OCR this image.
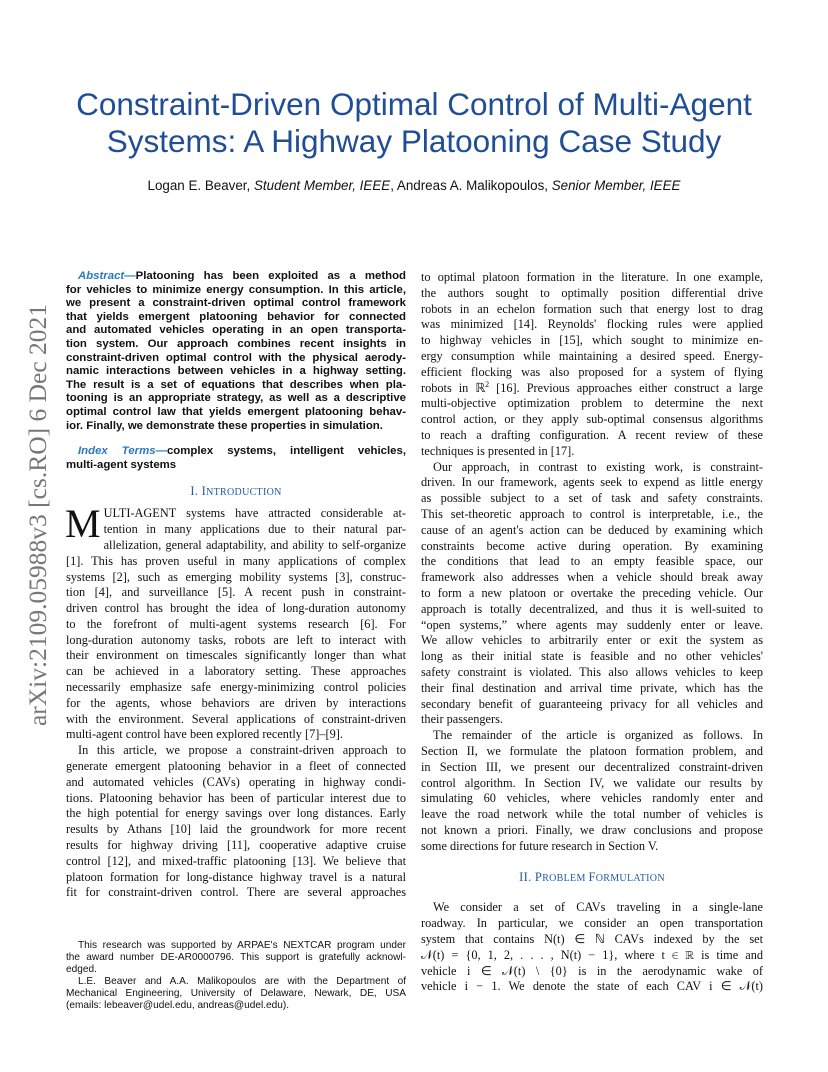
arXiv:2109.05988v3 [cs.RO] 6 Dec 2021
Constraint-Driven Optimal Control of Multi-Agent
Systems: A Highway Platooning Case Study
Logan E. Beaver, Student Member, IEEE, Andreas A. Malikopoulos, Senior Member, IEEE
Abstract—Platooning has been exploited as a method
for vehicles to minimize energy consumption. In this article,
we present a constraint-driven optimal control framework
that yields emergent platooning behavior for connected
and automated vehicles operating in an open transporta-
tion system. Our approach combines recent insights in
constraint-driven optimal control with the physical aerody-
namic interactions between vehicles in a highway setting.
The result is a set of equations that describes when pla-
tooning is an appropriate strategy, as well as a descriptive
optimal control law that yields emergent platooning behav-
ior. Finally, we demonstrate these properties in simulation.
Index Terms—complex systems, intelligent vehicles,
multi-agent systems
I. INTRODUCTION
M ULTI-AGENT systems have attracted considerable at-
tention in many applications due to their natural par-
allelization, general adaptability, and ability to self-organize
[1]. This has proven useful in many applications of complex
systems [2], such as emerging mobility systems [3], construc-
tion [4], and surveillance [5]. A recent push in constraint-
driven control has brought the idea of long-duration autonomy
to the forefront of multi-agent systems research [6]. For
long-duration autonomy tasks, robots are left to interact with
their environment on timescales significantly longer than what
can be achieved in a laboratory setting. These approaches
necessarily emphasize safe energy-minimizing control policies
for the agents, whose behaviors are driven by interactions
with the environment. Several applications of constraint-driven
multi-agent control have been explored recently [7]–[9].
In this article, we propose a constraint-driven approach to
generate emergent platooning behavior in a fleet of connected
and automated vehicles (CAVs) operating in highway condi-
tions. Platooning behavior has been of particular interest due to
the high potential for energy savings over long distances. Early
results by Athans [10] laid the groundwork for more recent
results for highway driving [11], cooperative adaptive cruise
control [12], and mixed-traffic platooning [13]. We believe that
platoon formation for long-distance highway travel is a natural
fit for constraint-driven control. There are several approaches
This research was supported by ARPAE's NEXTCAR program under
the award number DE-AR0000796. This support is gratefully acknowl-
edged.
L.E. Beaver and A.A. Malikopoulos are with the Department of
Mechanical Engineering, University of Delaware, Newark, DE, USA
(emails: lebeaver@udel.edu, andreas@udel.edu).
to optimal platoon formation in the literature. In one example,
the authors sought to optimally position differential drive
robots in an echelon formation such that energy lost to drag
was minimized [14]. Reynolds' flocking rules were applied
to highway vehicles in [15], which sought to minimize en-
ergy consumption while maintaining a desired speed. Energy-
efficient flocking was also proposed for a system of flying
robots in ℝ$^2$ [16]. Previous approaches either construct a large
multi-objective optimization problem to determine the next
control action, or they apply sub-optimal consensus algorithms
to reach a drafting configuration. A recent review of these
techniques is presented in [17].
Our approach, in contrast to existing work, is constraint-
driven. In our framework, agents seek to expend as little energy
as possible subject to a set of task and safety constraints.
This set-theoretic approach to control is interpretable, i.e., the
cause of an agent's action can be deduced by examining which
constraints become active during operation. By examining
the conditions that lead to an empty feasible space, our
framework also addresses when a vehicle should break away
to form a new platoon or overtake the preceding vehicle. Our
approach is totally decentralized, and thus it is well-suited to
“open systems,” where agents may suddenly enter or leave.
We allow vehicles to arbitrarily enter or exit the system as
long as their initial state is feasible and no other vehicles'
safety constraint is violated. This also allows vehicles to keep
their final destination and arrival time private, which has the
secondary benefit of guaranteeing privacy for all vehicles and
their passengers.
The remainder of the article is organized as follows. In
Section II, we formulate the platoon formation problem, and
in Section III, we present our decentralized constraint-driven
control algorithm. In Section IV, we validate our results by
simulating 60 vehicles, where vehicles randomly enter and
leave the road network while the total number of vehicles is
not known a priori. Finally, we draw conclusions and propose
some directions for future research in Section V.
II. PROBLEM FORMULATION
We consider a set of CAVs traveling in a single-lane
roadway. In particular, we consider an open transportation
system that contains N(t) ∈ ℕ CAVs indexed by the set
𝒩(t) = {0, 1, 2, . . . , N(t) − 1}, where t ∈ ℝ is time and
vehicle i ∈ 𝒩(t) \ {0} is in the aerodynamic wake of
vehicle i − 1. We denote the state of each CAV i ∈ 𝒩(t)
